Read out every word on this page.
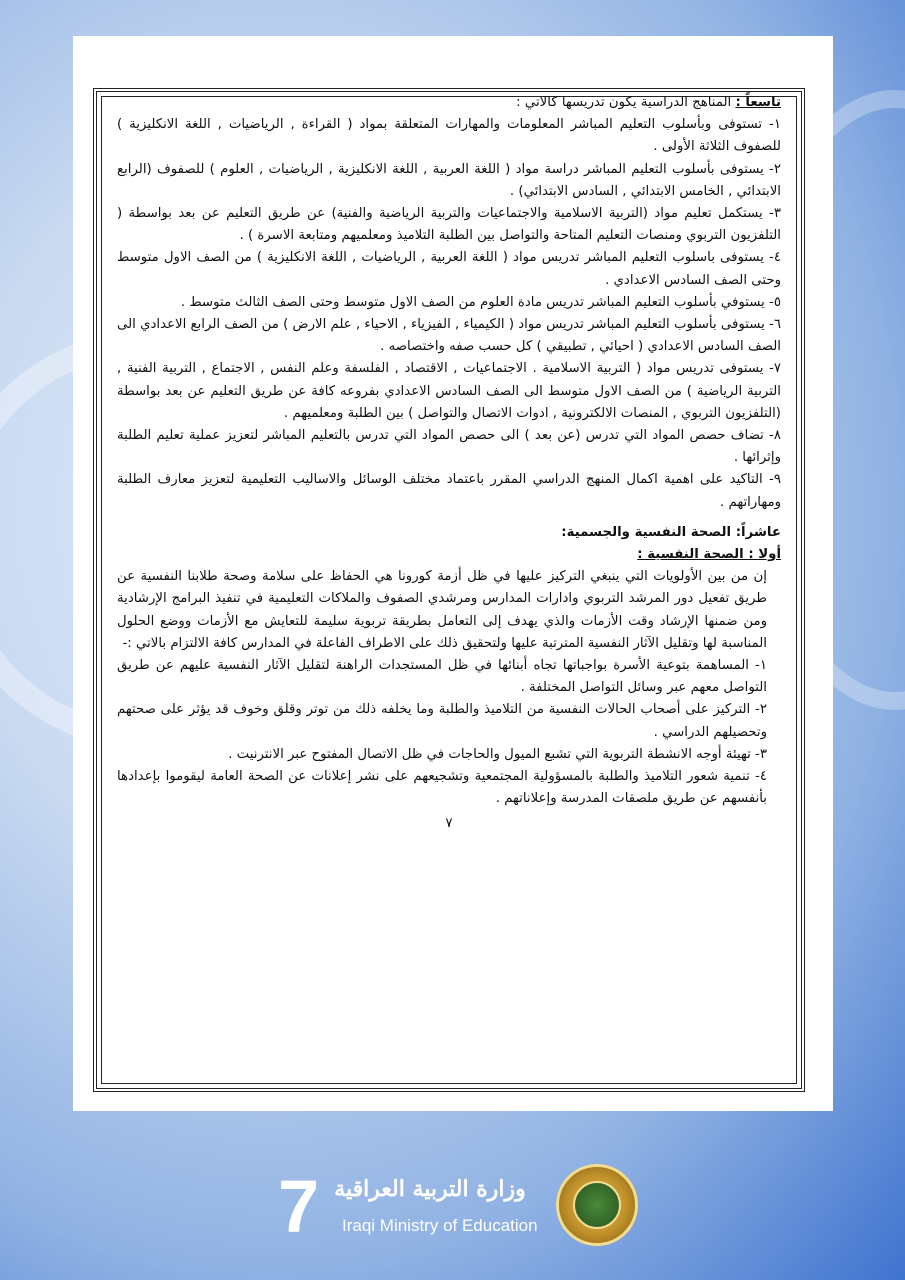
تاسعاً : المناهج الدراسية يكون تدريسها كالاتي :

١- تستوفى وبأسلوب التعليم المباشر المعلومات والمهارات المتعلقة بمواد ( القراءة , الرياضيات , اللغة الانكليزية ) للصفوف الثلاثة الأولى .

٢- يستوفى بأسلوب التعليم المباشر دراسة مواد ( اللغة العربية , اللغة الانكليزية , الرياضيات , العلوم ) للصفوف (الرابع الابتدائي , الخامس الابتدائي , السادس الابتدائي) .

٣- يستكمل تعليم مواد (التربية الاسلامية والاجتماعيات والتربية الرياضية والفنية) عن طريق التعليم عن بعد بواسطة ( التلفزيون التربوي ومنصات التعليم المتاحة والتواصل بين الطلبة التلاميذ ومعلميهم ومتابعة الاسرة ) .

٤- يستوفى باسلوب التعليم المباشر تدريس مواد ( اللغة العربية , الرياضيات , اللغة الانكليزية ) من الصف الاول متوسط وحتى الصف السادس الاعدادي .

٥- يستوفي بأسلوب التعليم المباشر تدريس مادة العلوم من الصف الاول متوسط وحتى الصف الثالث متوسط .

٦- يستوفى بأسلوب التعليم المباشر تدريس مواد ( الكيمياء , الفيزياء , الاحياء , علم الارض ) من الصف الرابع الاعدادي الى الصف السادس الاعدادي ( احيائي , تطبيقي ) كل حسب صفه واختصاصه .

٧- يستوفى تدريس مواد ( التربية الاسلامية . الاجتماعيات , الاقتصاد , الفلسفة وعلم النفس , الاجتماع , التربية الفنية , التربية الرياضية ) من الصف الاول متوسط الى الصف السادس الاعدادي بفروعه كافة عن طريق التعليم عن بعد بواسطة (التلفزيون التربوي , المنصات الالكترونية , ادوات الاتصال والتواصل ) بين الطلبة ومعلميهم .

٨- تضاف حصص المواد التي تدرس (عن بعد ) الى حصص المواد التي تدرس بالتعليم المباشر لتعزيز عملية تعليم الطلبة وإثرائها .

٩- التاكيد على اهمية اكمال المنهج الدراسي المقرر باعتماد مختلف الوسائل والاساليب التعليمية لتعزيز معارف الطلبة ومهاراتهم .

عاشراً: الصحة النفسية والجسمية:

أولا : الصحة النفسية :

إن من بين الأولويات التي ينبغي التركيز عليها في ظل أزمة كورونا هي الحفاظ على سلامة وصحة طلابنا النفسية عن طريق تفعيل دور المرشد التربوي وادارات المدارس ومرشدي الصفوف والملاكات التعليمية في تنفيذ البرامج الإرشادية ومن ضمنها الإرشاد وقت الأزمات والذي يهدف إلى التعامل بطريقة تربوية سليمة للتعايش مع الأزمات ووضع الحلول المناسبة لها وتقليل الآثار النفسية المترتبة عليها ولتحقيق ذلك على الاطراف الفاعلة في المدارس كافة الالتزام بالاتي :-

١- المساهمة بتوعية الأسرة بواجباتها تجاه أبنائها في ظل المستجدات الراهنة لتقليل الآثار النفسية عليهم عن طريق التواصل معهم عبر وسائل التواصل المختلفة .

٢- التركيز على أصحاب الحالات النفسية من التلاميذ والطلبة وما يخلفه ذلك من توتر وقلق وخوف قد يؤثر على صحتهم وتحصيلهم الدراسي .

٣- تهيئة أوجه الانشطة التربوية التي تشبع الميول والحاجات في ظل الاتصال المفتوح عبر الانترنيت .

٤- تنمية شعور التلاميذ والطلبة بالمسؤولية المجتمعية وتشجيعهم على نشر إعلانات عن الصحة العامة ليقوموا بإعدادها بأنفسهم عن طريق ملصقات المدرسة وإعلاناتهم .

٧

7 وزارة التربية العراقية
Iraqi Ministry of Education
